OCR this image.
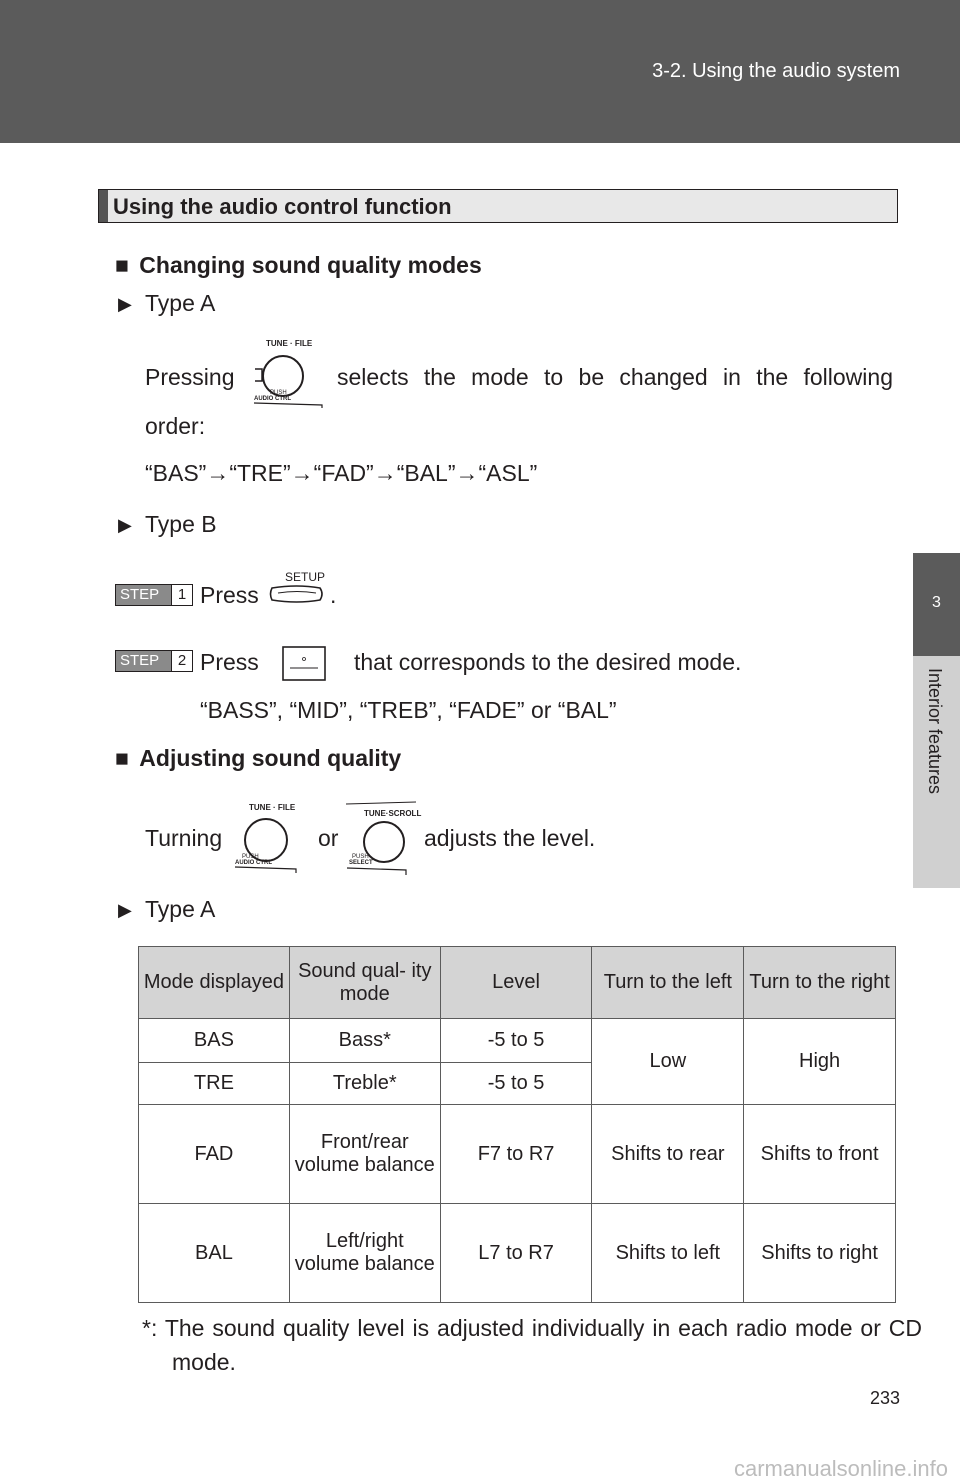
3-2. Using the audio system
3
Interior features
Using the audio control function
■ Changing sound quality modes
▶ Type A
Pressing
TUNE · FILE
PUSH
AUDIO CTRL
selects the mode to be changed in the following
order:
“BAS”→“TRE”→“FAD”→“BAL”→“ASL”
▶ Type B
STEP	1 Press
SETUP
.
STEP	2 Press	that corresponds to the desired mode.
“BASS”, “MID”, “TREB”, “FADE” or “BAL”
■ Adjusting sound quality
Turning
TUNE · FILE
PUSH
AUDIO CTRL
or
TUNE·SCROLL
PUSH
SELECT
adjusts the level.
▶ Type A
Mode displayed	Sound qual- ity mode	Level	Turn to the left	Turn to the right
BAS	Bass*	-5 to 5	Low	High
TRE	Treble*	-5 to 5		
FAD	Front/rear volume balance	F7 to R7	Shifts to rear	Shifts to front
BAL	Left/right volume balance	L7 to R7	Shifts to left	Shifts to right
*: The sound quality level is adjusted individually in each radio mode or CD mode.
233
carmanualsonline.info
